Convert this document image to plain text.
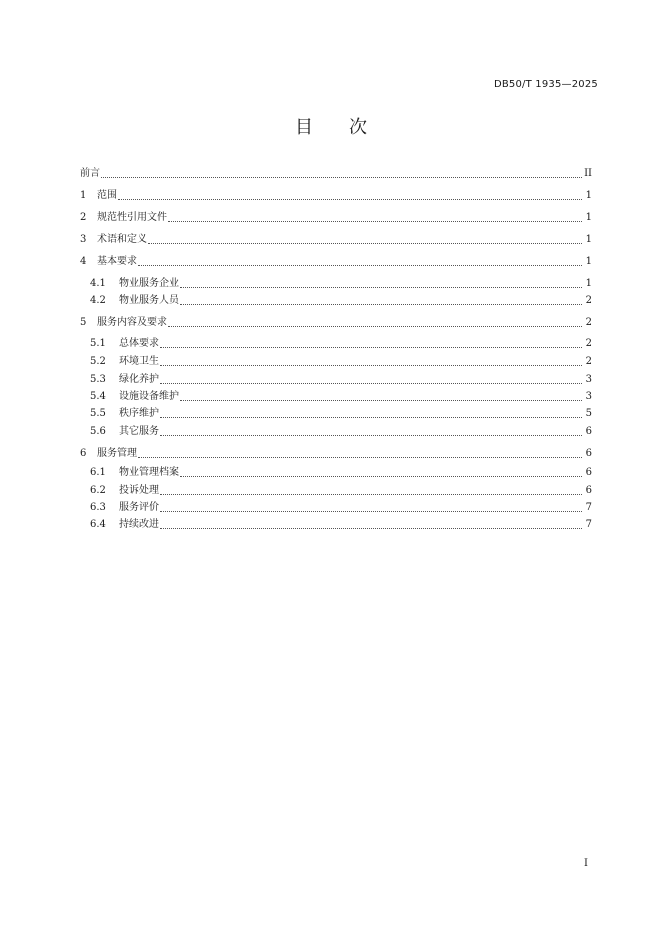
DB50/T 1935—2025
目 次
前言	II
1	范围	1
2	规范性引用文件	1
3	术语和定义	1
4	基本要求	1
4.1	物业服务企业	1
4.2	物业服务人员	2
5	服务内容及要求	2
5.1	总体要求	2
5.2	环境卫生	2
5.3	绿化养护	3
5.4	设施设备维护	3
5.5	秩序维护	5
5.6	其它服务	6
6	服务管理	6
6.1	物业管理档案	6
6.2	投诉处理	6
6.3	服务评价	7
6.4	持续改进	7
I
